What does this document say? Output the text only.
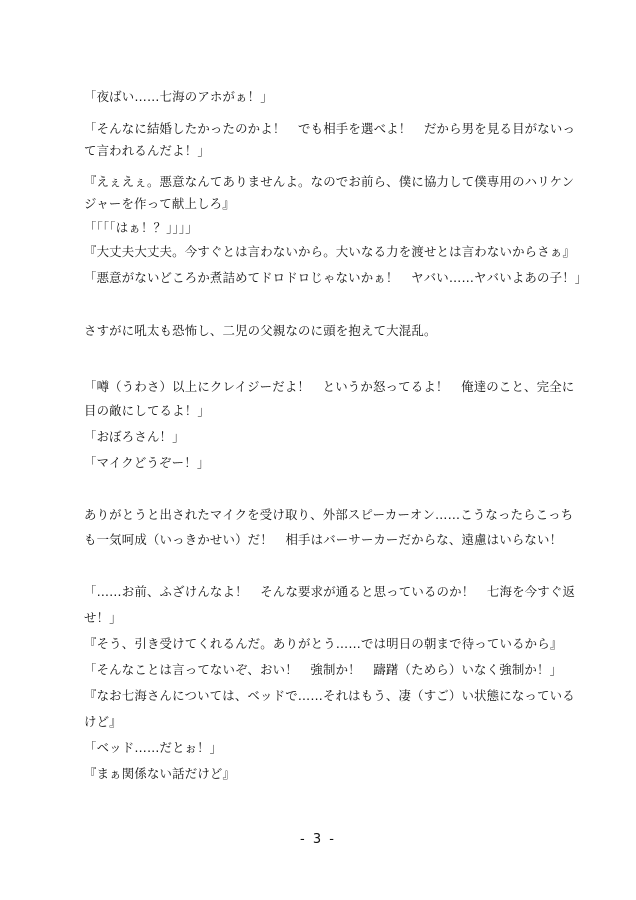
「夜ばい……七海のアホがぁ！」
「そんなに結婚したかったのかよ！　でも相手を選べよ！　だから男を見る目がないっ
て言われるんだよ！」
『えぇえぇ。悪意なんてありませんよ。なのでお前ら、僕に協力して僕専用のハリケン
ジャーを作って献上しろ』
「「「「はぁ！？」」」」
『大丈夫大丈夫。今すぐとは言わないから。大いなる力を渡せとは言わないからさぁ』
「悪意がないどころか煮詰めてドロドロじゃないかぁ！　ヤバい……ヤバいよあの子！」
さすがに吼太も恐怖し、二児の父親なのに頭を抱えて大混乱。
「噂（うわさ）以上にクレイジーだよ！　というか怒ってるよ！　俺達のこと、完全に
目の敵にしてるよ！」
「おぼろさん！」
「マイクどうぞー！」
ありがとうと出されたマイクを受け取り、外部スピーカーオン……こうなったらこっち
も一気呵成（いっきかせい）だ！　相手はバーサーカーだからな、遠慮はいらない！
「……お前、ふざけんなよ！　そんな要求が通ると思っているのか！　七海を今すぐ返
せ！」
『そう、引き受けてくれるんだ。ありがとう……では明日の朝まで待っているから』
「そんなことは言ってないぞ、おい！　強制か！　躊躇（ためら）いなく強制か！」
『なお七海さんについては、ベッドで……それはもう、凄（すご）い状態になっている
けど』
「ベッド……だとぉ！」
『まぁ関係ない話だけど』
- 3 -
